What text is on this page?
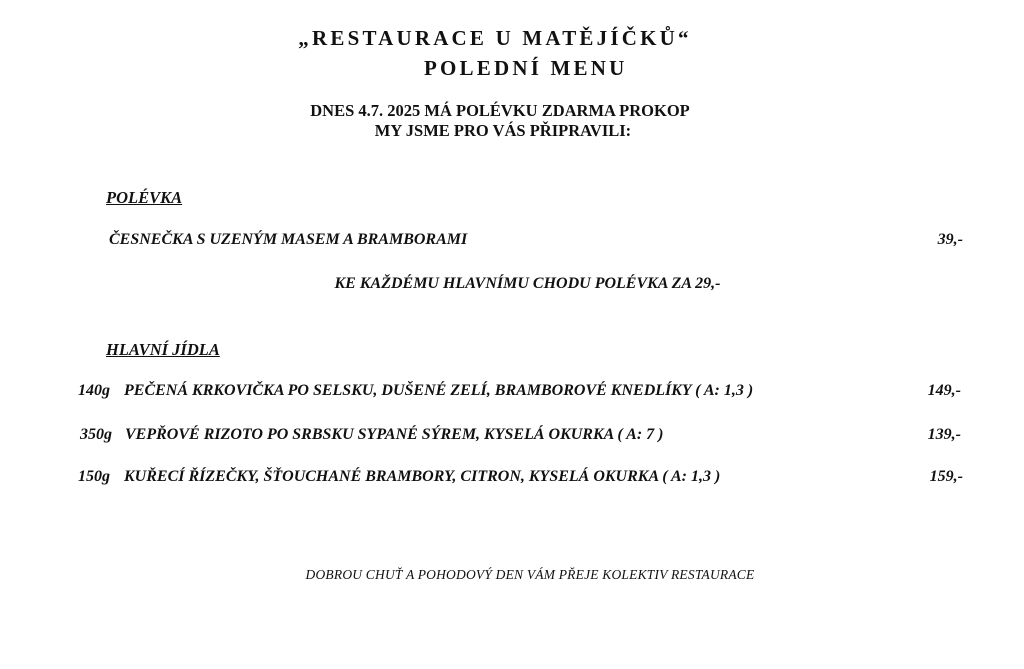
„RESTAURACE U MATĚJÍČKŮ“
POLEDNÍ MENU
DNES 4.7. 2025 MÁ POLÉVKU ZDARMA PROKOP
MY JSME PRO VÁS PŘIPRAVILI:
POLÉVKA
ČESNEČKA S UZENÝM MASEM A BRAMBORAMI	39,-
KE KAŽDÉMU HLAVNÍMU CHODU POLÉVKA ZA 29,-
HLAVNÍ JÍDLA
140g PEČENÁ KRKOVIČKA PO SELSKU, DUŠENÉ ZELÍ, BRAMBOROVÉ KNEDLÍKY ( A: 1,3 )	149,-
350g VEPŘOVÉ RIZOTO PO SRBSKU SYPANÉ SÝREM, KYSELÁ OKURKA ( A: 7 )	139,-
150g KUŘECÍ ŘÍZEČKY, ŠŤOUCHANÉ BRAMBORY, CITRON, KYSELÁ OKURKA ( A: 1,3 )	159,-
DOBROU CHUŤ A POHODOVÝ DEN VÁM PŘEJE KOLEKTIV RESTAURACE
